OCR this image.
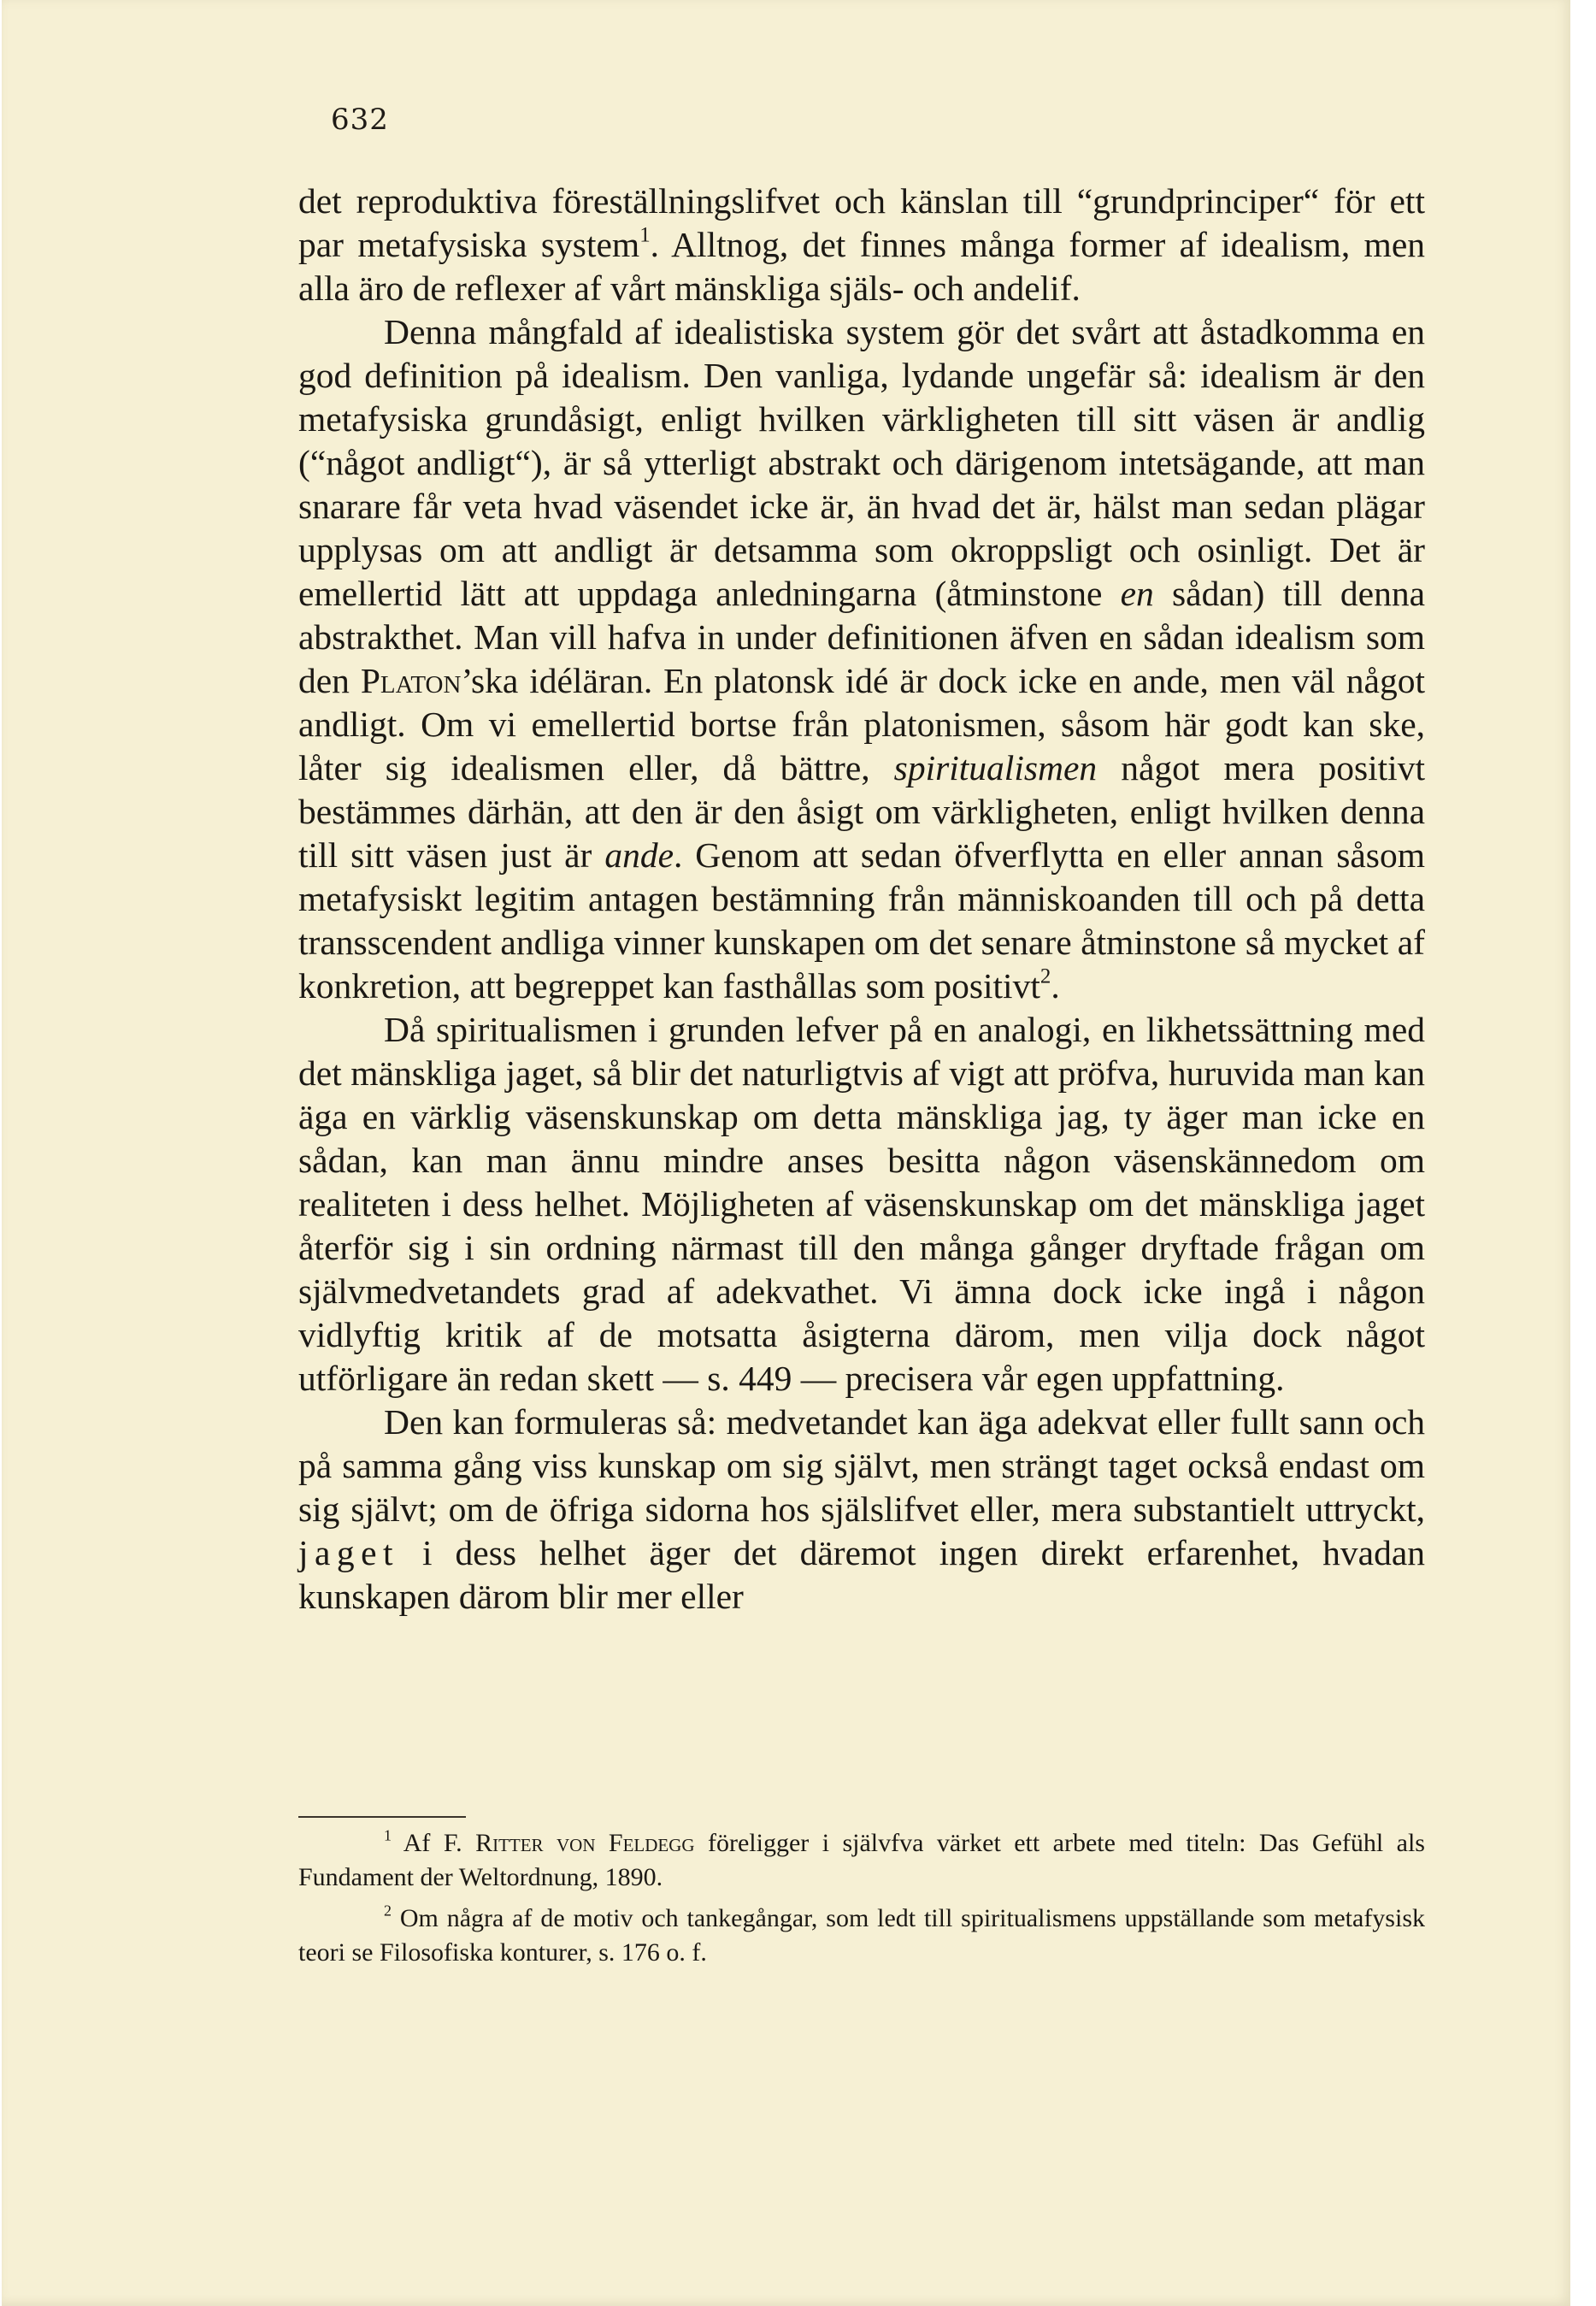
632

det reproduktiva föreställningslifvet och känslan till “grundprinciper“ för ett par metafysiska system$^1$. Alltnog, det finnes många former af idealism, men alla äro de reflexer af vårt mänskliga själs- och andelif.

Denna mångfald af idealistiska system gör det svårt att åstadkomma en god definition på idealism. Den vanliga, lydande ungefär så: idealism är den metafysiska grundåsigt, enligt hvilken värkligheten till sitt väsen är andlig (“något andligt“), är så ytterligt abstrakt och därigenom intetsägande, att man snarare får veta hvad väsendet icke är, än hvad det är, hälst man sedan plägar upplysas om att andligt är detsamma som okroppsligt och osinligt. Det är emellertid lätt att uppdaga anledningarna (åtminstone en sådan) till denna abstrakthet. Man vill hafva in under definitionen äfven en sådan idealism som den Platon’ska idéläran. En platonsk idé är dock icke en ande, men väl något andligt. Om vi emellertid bortse från platonismen, såsom här godt kan ske, låter sig idealismen eller, då bättre, spiritualismen något mera positivt bestämmes därhän, att den är den åsigt om värkligheten, enligt hvilken denna till sitt väsen just är ande. Genom att sedan öfverflytta en eller annan såsom metafysiskt legitim antagen bestämning från människoanden till och på detta transscendent andliga vinner kunskapen om det senare åtminstone så mycket af konkretion, att begreppet kan fasthållas som positivt$^2$.

Då spiritualismen i grunden lefver på en analogi, en likhetssättning med det mänskliga jaget, så blir det naturligtvis af vigt att pröfva, huruvida man kan äga en värklig väsenskunskap om detta mänskliga jag, ty äger man icke en sådan, kan man ännu mindre anses besitta någon väsenskännedom om realiteten i dess helhet. Möjligheten af väsenskunskap om det mänskliga jaget återför sig i sin ordning närmast till den många gånger dryftade frågan om självmedvetandets grad af adekvathet. Vi ämna dock icke ingå i någon vidlyftig kritik af de motsatta åsigterna därom, men vilja dock något utförligare än redan skett — s. 449 — precisera vår egen uppfattning.

Den kan formuleras så: medvetandet kan äga adekvat eller fullt sann och på samma gång viss kunskap om sig självt, men strängt taget också endast om sig självt; om de öfriga sidorna hos själslifvet eller, mera substantielt uttryckt, jaget i dess helhet äger det däremot ingen direkt erfarenhet, hvadan kunskapen därom blir mer eller

$^1$ Af F. Ritter von Feldegg föreligger i självfva värket ett arbete med titeln: Das Gefühl als Fundament der Weltordnung, 1890.

$^2$ Om några af de motiv och tankegångar, som ledt till spiritualismens uppställande som metafysisk teori se Filosofiska konturer, s. 176 o. f.
